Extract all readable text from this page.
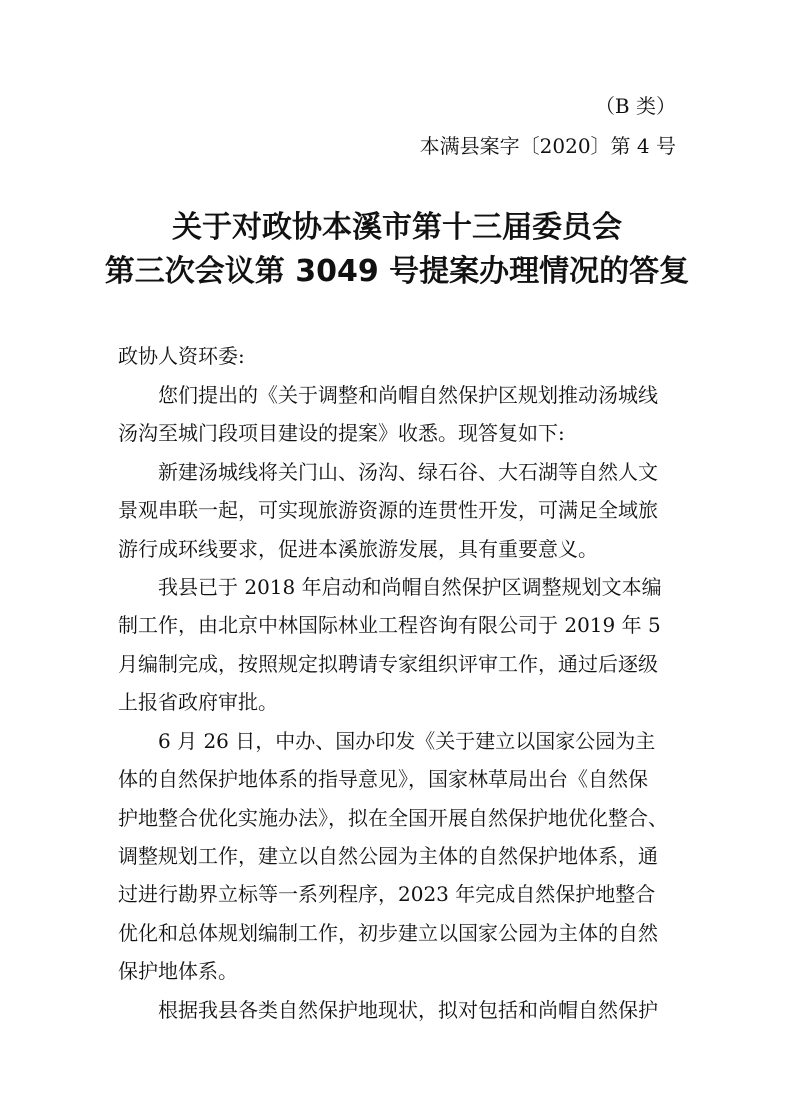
（B 类）
本满县案字〔2020〕第 4 号
关于对政协本溪市第十三届委员会
第三次会议第 3049 号提案办理情况的答复
政协人资环委:
您们提出的《关于调整和尚帽自然保护区规划推动汤城线
汤沟至城门段项目建设的提案》收悉。现答复如下:
新建汤城线将关门山、汤沟、绿石谷、大石湖等自然人文
景观串联一起，可实现旅游资源的连贯性开发，可满足全域旅
游行成环线要求，促进本溪旅游发展，具有重要意义。
我县已于 2018 年启动和尚帽自然保护区调整规划文本编
制工作，由北京中林国际林业工程咨询有限公司于 2019 年 5
月编制完成，按照规定拟聘请专家组织评审工作，通过后逐级
上报省政府审批。
6 月 26 日，中办、国办印发《关于建立以国家公园为主
体的自然保护地体系的指导意见》，国家林草局出台《自然保
护地整合优化实施办法》，拟在全国开展自然保护地优化整合、
调整规划工作，建立以自然公园为主体的自然保护地体系，通
过进行勘界立标等一系列程序，2023 年完成自然保护地整合
优化和总体规划编制工作，初步建立以国家公园为主体的自然
保护地体系。
根据我县各类自然保护地现状，拟对包括和尚帽自然保护
